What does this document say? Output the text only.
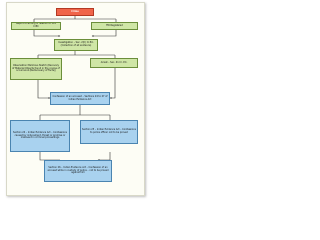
Crime
Report to writing in relation to 154 CrPC	FIR Registered
Investigation – Sec. 2(h) Cr.P.C.
(Collection of all evidence)
Observation Malicious Sketch (Recovery of Material Objects found in the course of occurrence (Rediscovery of Facts))
Arrest – Sec. 41 Cr. P.C.
Confession of an accused – Sections 24 to 27 of Indian Evidence Act
Section 24 – Indian Evidence Act – Confessions caused by inducement, threat or promise or irrelevant in criminal proceedings
Section 25 – Indian Evidence Act – Confessions to police officer not to be proved
Section 26 – Indian Evidence Act – Confession of an accused while in custody of police – not to be proved against him
